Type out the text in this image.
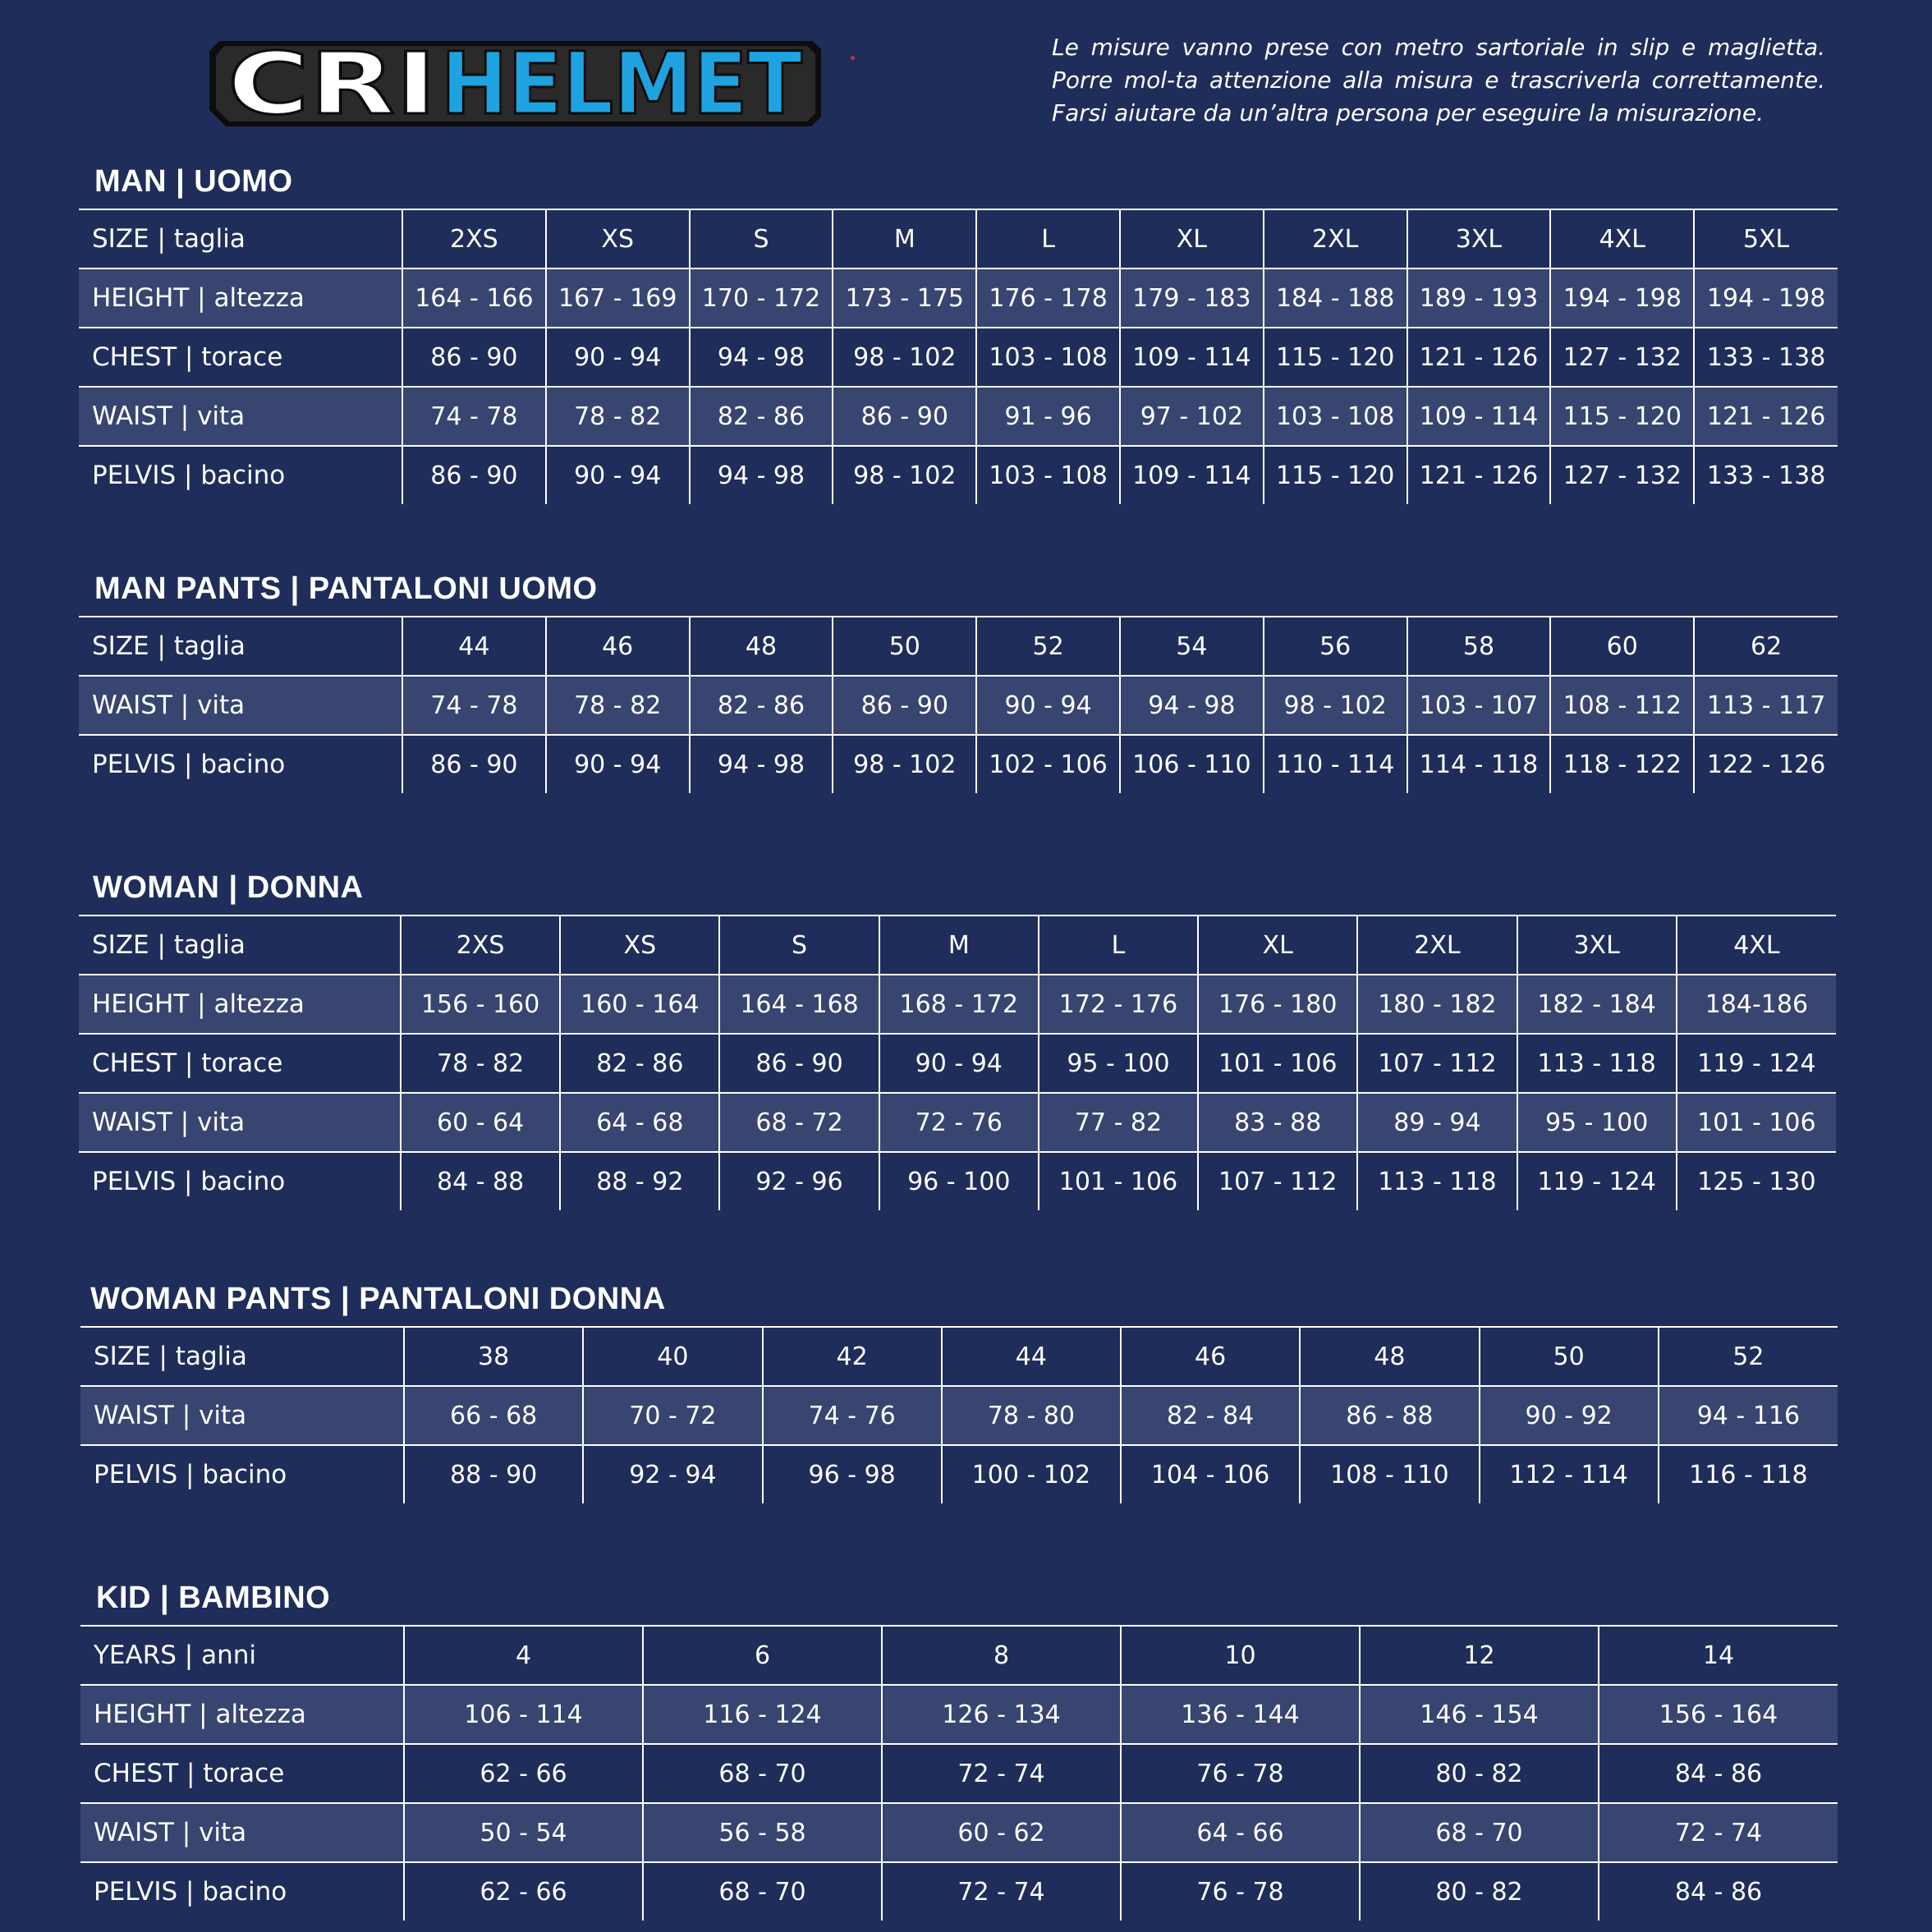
CRI HELMET	Le misure vanno prese con metro sartoriale in slip e maglietta. Porre mol-ta attenzione alla misura e trascriverla correttamente. Farsi aiutare da un’altra persona per eseguire la misurazione.
MAN | UOMO
SIZE | taglia	2XS	XS	S	M	L	XL	2XL	3XL	4XL	5XL
HEIGHT | altezza	164 - 166	167 - 169	170 - 172	173 - 175	176 - 178	179 - 183	184 - 188	189 - 193	194 - 198	194 - 198
CHEST | torace	86 - 90	90 - 94	94 - 98	98 - 102	103 - 108	109 - 114	115 - 120	121 - 126	127 - 132	133 - 138
WAIST | vita	74 - 78	78 - 82	82 - 86	86 - 90	91 - 96	97 - 102	103 - 108	109 - 114	115 - 120	121 - 126
PELVIS | bacino	86 - 90	90 - 94	94 - 98	98 - 102	103 - 108	109 - 114	115 - 120	121 - 126	127 - 132	133 - 138
MAN PANTS | PANTALONI UOMO
SIZE | taglia	44	46	48	50	52	54	56	58	60	62
WAIST | vita	74 - 78	78 - 82	82 - 86	86 - 90	90 - 94	94 - 98	98 - 102	103 - 107	108 - 112	113 - 117
PELVIS | bacino	86 - 90	90 - 94	94 - 98	98 - 102	102 - 106	106 - 110	110 - 114	114 - 118	118 - 122	122 - 126
WOMAN | DONNA
SIZE | taglia	2XS	XS	S	M	L	XL	2XL	3XL	4XL
HEIGHT | altezza	156 - 160	160 - 164	164 - 168	168 - 172	172 - 176	176 - 180	180 - 182	182 - 184	184-186
CHEST | torace	78 - 82	82 - 86	86 - 90	90 - 94	95 - 100	101 - 106	107 - 112	113 - 118	119 - 124
WAIST | vita	60 - 64	64 - 68	68 - 72	72 - 76	77 - 82	83 - 88	89 - 94	95 - 100	101 - 106
PELVIS | bacino	84 - 88	88 - 92	92 - 96	96 - 100	101 - 106	107 - 112	113 - 118	119 - 124	125 - 130
WOMAN PANTS | PANTALONI DONNA
SIZE | taglia	38	40	42	44	46	48	50	52
WAIST | vita	66 - 68	70 - 72	74 - 76	78 - 80	82 - 84	86 - 88	90 - 92	94 - 116
PELVIS | bacino	88 - 90	92 - 94	96 - 98	100 - 102	104 - 106	108 - 110	112 - 114	116 - 118
KID | BAMBINO
YEARS | anni	4	6	8	10	12	14
HEIGHT | altezza	106 - 114	116 - 124	126 - 134	136 - 144	146 - 154	156 - 164
CHEST | torace	62 - 66	68 - 70	72 - 74	76 - 78	80 - 82	84 - 86
WAIST | vita	50 - 54	56 - 58	60 - 62	64 - 66	68 - 70	72 - 74
PELVIS | bacino	62 - 66	68 - 70	72 - 74	76 - 78	80 - 82	84 - 86
